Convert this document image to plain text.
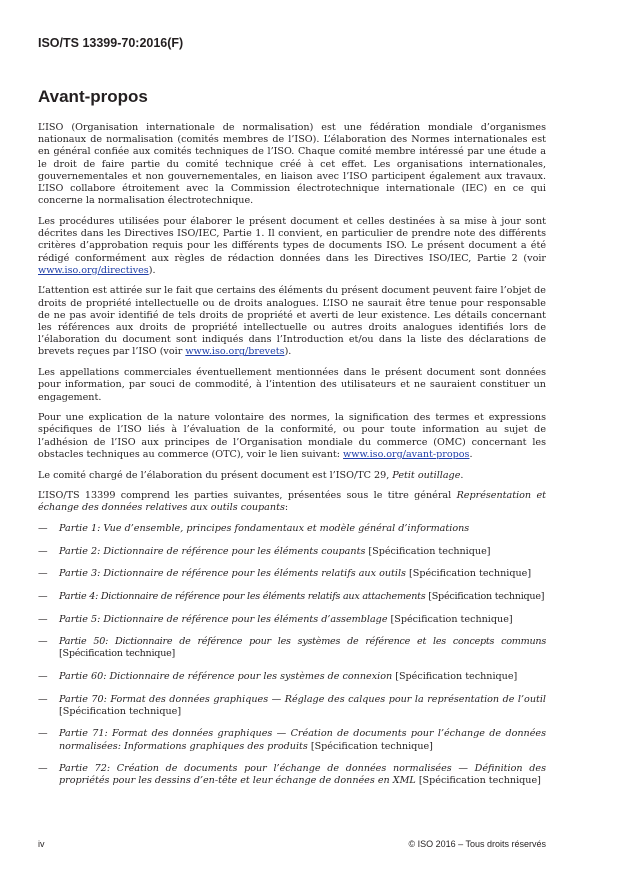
ISO/TS 13399-70:2016(F)
Avant-propos

L’ISO (Organisation internationale de normalisation) est une fédération mondiale d’organismes nationaux de normalisation (comités membres de l’ISO). L’élaboration des Normes internationales est en général confiée aux comités techniques de l’ISO. Chaque comité membre intéressé par une étude a le droit de faire partie du comité technique créé à cet effet. Les organisations internationales, gouvernementales et non gouvernementales, en liaison avec l’ISO participent également aux travaux. L’ISO collabore étroitement avec la Commission électrotechnique internationale (IEC) en ce qui concerne la normalisation électrotechnique.

Les procédures utilisées pour élaborer le présent document et celles destinées à sa mise à jour sont décrites dans les Directives ISO/IEC, Partie 1. Il convient, en particulier de prendre note des différents critères d’approbation requis pour les différents types de documents ISO. Le présent document a été rédigé conformément aux règles de rédaction données dans les Directives ISO/IEC, Partie 2 (voir www.iso.org/directives).

L’attention est attirée sur le fait que certains des éléments du présent document peuvent faire l’objet de droits de propriété intellectuelle ou de droits analogues. L’ISO ne saurait être tenue pour responsable de ne pas avoir identifié de tels droits de propriété et averti de leur existence. Les détails concernant les références aux droits de propriété intellectuelle ou autres droits analogues identifiés lors de l’élaboration du document sont indiqués dans l’Introduction et/ou dans la liste des déclarations de brevets reçues par l’ISO (voir www.iso.org/brevets).

Les appellations commerciales éventuellement mentionnées dans le présent document sont données pour information, par souci de commodité, à l’intention des utilisateurs et ne sauraient constituer un engagement.

Pour une explication de la nature volontaire des normes, la signification des termes et expressions spécifiques de l’ISO liés à l’évaluation de la conformité, ou pour toute information au sujet de l’adhésion de l’ISO aux principes de l’Organisation mondiale du commerce (OMC) concernant les obstacles techniques au commerce (OTC), voir le lien suivant: www.iso.org/avant-propos.

Le comité chargé de l’élaboration du présent document est l’ISO/TC 29, Petit outillage.

L’ISO/TS 13399 comprend les parties suivantes, présentées sous le titre général Représentation et échange des données relatives aux outils coupants:

— Partie 1: Vue d’ensemble, principes fondamentaux et modèle général d’informations
— Partie 2: Dictionnaire de référence pour les éléments coupants [Spécification technique]
— Partie 3: Dictionnaire de référence pour les éléments relatifs aux outils [Spécification technique]
— Partie 4: Dictionnaire de référence pour les éléments relatifs aux attachements [Spécification technique]
— Partie 5: Dictionnaire de référence pour les éléments d’assemblage [Spécification technique]
— Partie 50: Dictionnaire de référence pour les systèmes de référence et les concepts communs [Spécification technique]
— Partie 60: Dictionnaire de référence pour les systèmes de connexion [Spécification technique]
— Partie 70: Format des données graphiques — Réglage des calques pour la représentation de l’outil [Spécification technique]
— Partie 71: Format des données graphiques — Création de documents pour l’échange de données normalisées: Informations graphiques des produits [Spécification technique]
— Partie 72: Création de documents pour l’échange de données normalisées — Définition des propriétés pour les dessins d’en-tête et leur échange de données en XML [Spécification technique]
iv	© ISO 2016 – Tous droits réservés
